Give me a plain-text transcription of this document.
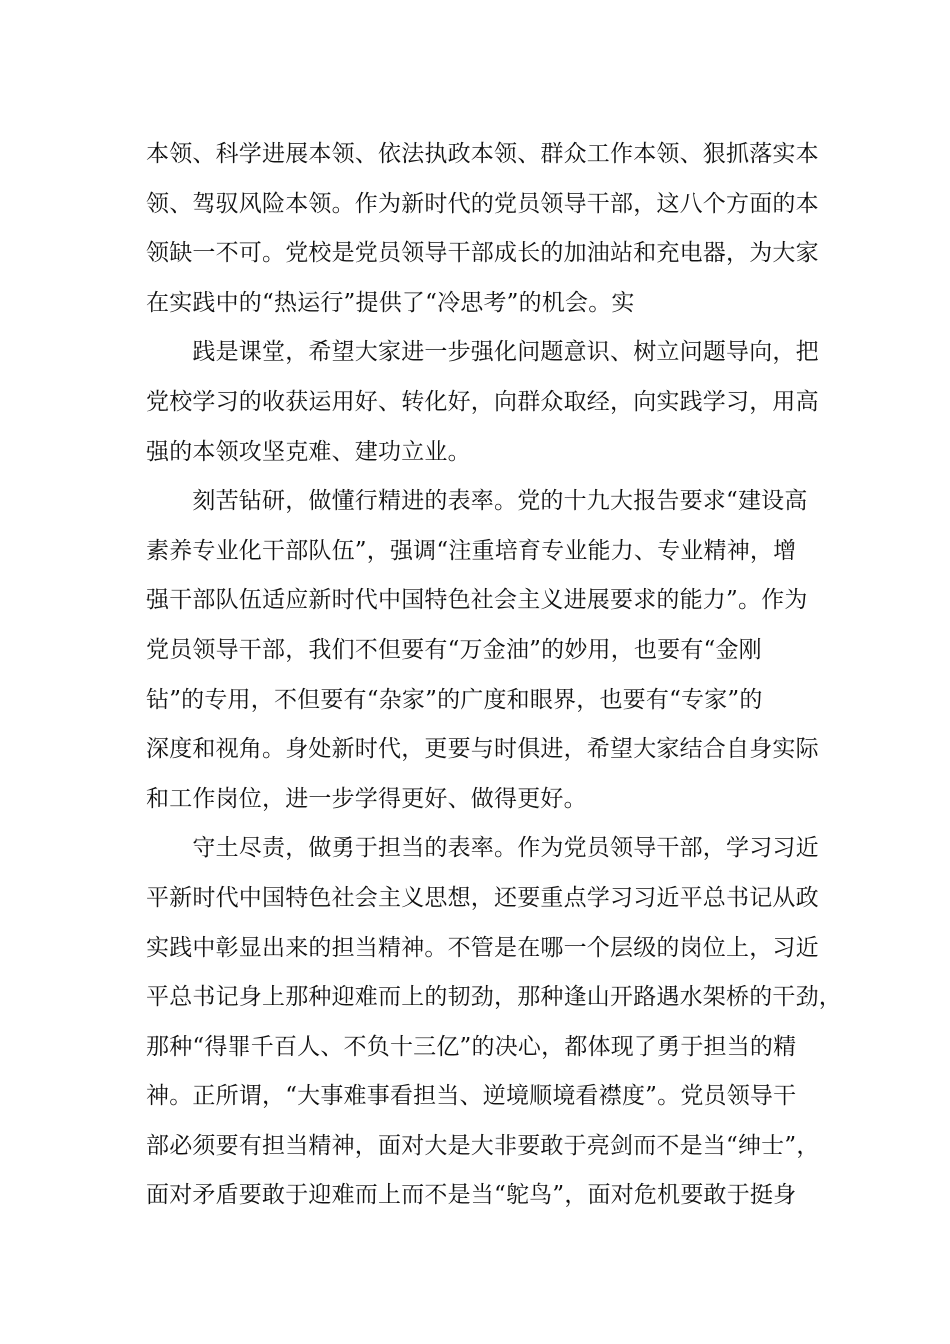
本领、科学进展本领、依法执政本领、群众工作本领、狠抓落实本
领、驾驭风险本领。作为新时代的党员领导干部，这八个方面的本
领缺一不可。党校是党员领导干部成长的加油站和充电器，为大家
在实践中的“热运行”提供了“冷思考”的机会。实
　　践是课堂，希望大家进一步强化问题意识、树立问题导向，把
党校学习的收获运用好、转化好，向群众取经，向实践学习，用高
强的本领攻坚克难、建功立业。
　　刻苦钻研，做懂行精进的表率。党的十九大报告要求“建设高
素养专业化干部队伍”，强调“注重培育专业能力、专业精神，增
强干部队伍适应新时代中国特色社会主义进展要求的能力”。作为
党员领导干部，我们不但要有“万金油”的妙用，也要有“金刚
钻”的专用，不但要有“杂家”的广度和眼界，也要有“专家”的
深度和视角。身处新时代，更要与时俱进，希望大家结合自身实际
和工作岗位，进一步学得更好、做得更好。
　　守土尽责，做勇于担当的表率。作为党员领导干部，学习习近
平新时代中国特色社会主义思想，还要重点学习习近平总书记从政
实践中彰显出来的担当精神。不管是在哪一个层级的岗位上，习近
平总书记身上那种迎难而上的韧劲，那种逢山开路遇水架桥的干劲，
那种“得罪千百人、不负十三亿”的决心，都体现了勇于担当的精
神。正所谓，“大事难事看担当、逆境顺境看襟度”。党员领导干
部必须要有担当精神，面对大是大非要敢于亮剑而不是当“绅士”，
面对矛盾要敢于迎难而上而不是当“鸵鸟”，面对危机要敢于挺身
